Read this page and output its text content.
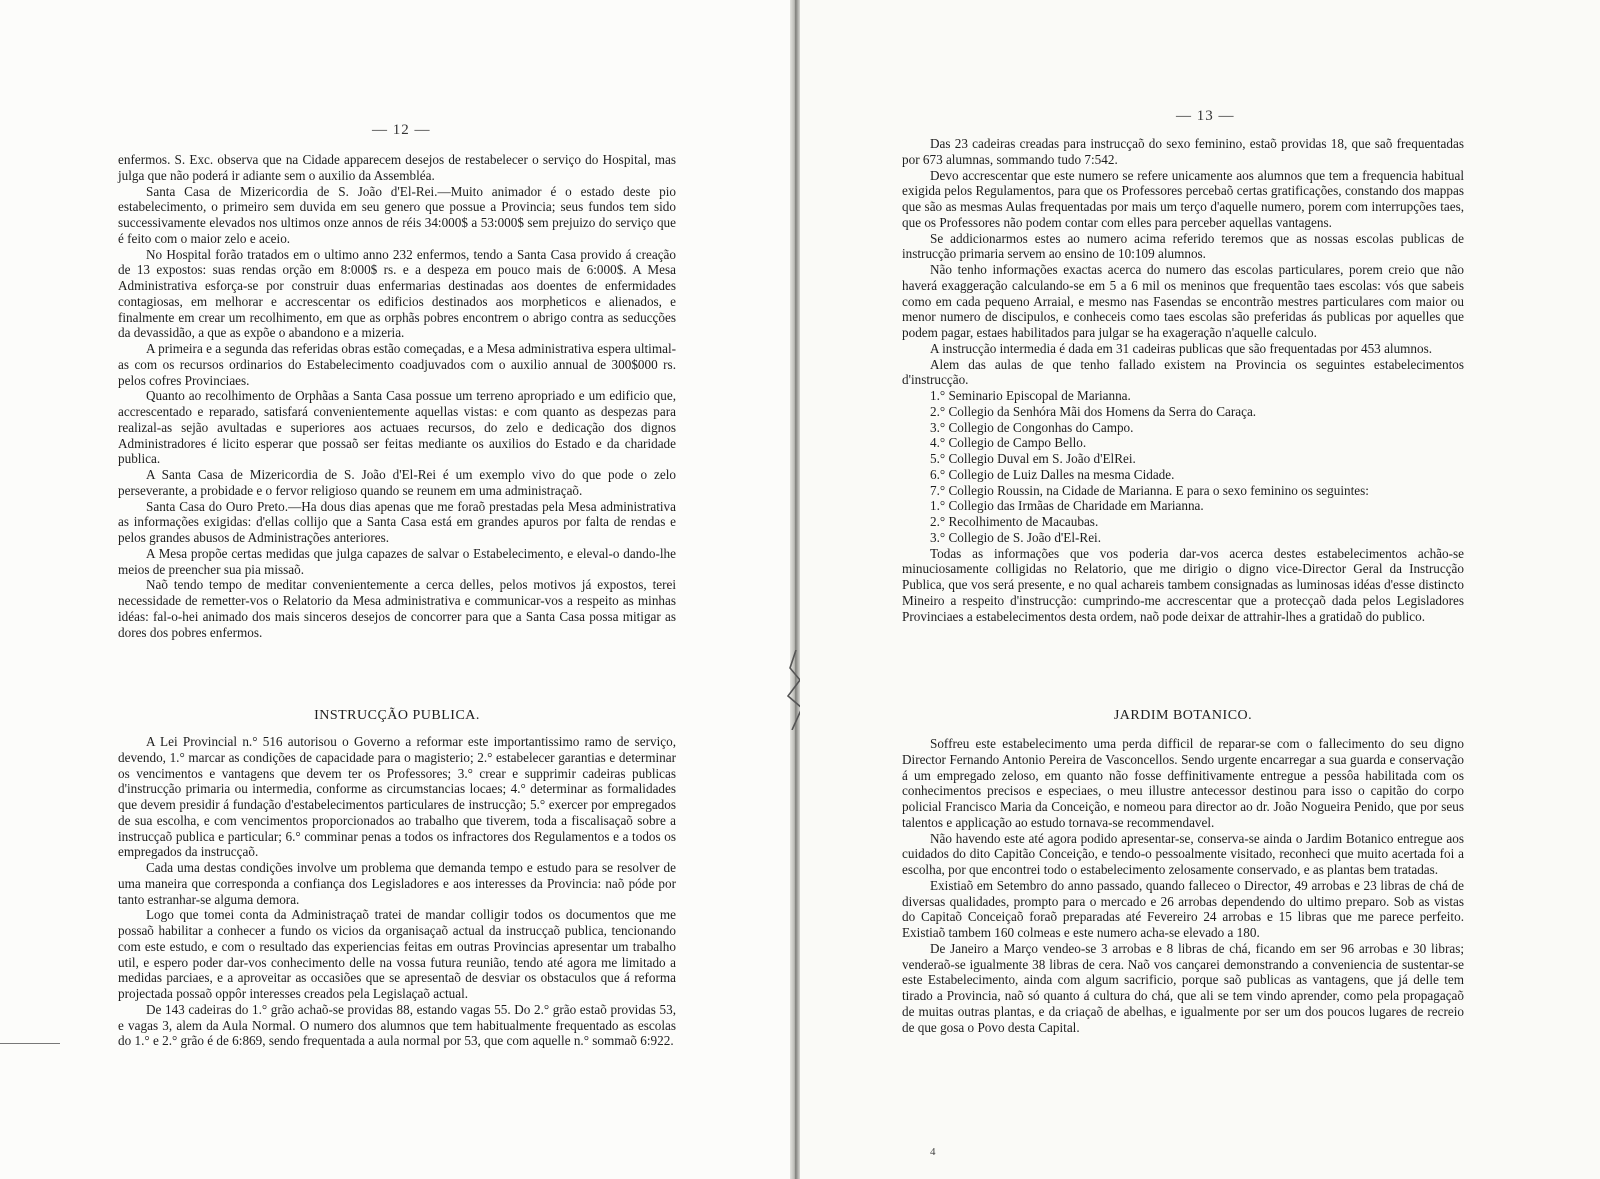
— 12 —

enfermos. S. Exc. observa que na Cidade apparecem desejos de restabelecer o serviço do Hospital, mas julga que não poderá ir adiante sem o auxilio da Assembléa.

Santa Casa de Mizericordia de S. João d'El-Rei.—Muito animador é o estado deste pio estabelecimento, o primeiro sem duvida em seu genero que possue a Provincia; seus fundos tem sido successivamente elevados nos ultimos onze annos de réis 34:000$ a 53:000$ sem prejuizo do serviço que é feito com o maior zelo e aceio.

No Hospital forão tratados em o ultimo anno 232 enfermos, tendo a Santa Casa provido á creação de 13 expostos: suas rendas orção em 8:000$ rs. e a despeza em pouco mais de 6:000$. A Mesa Administrativa esforça-se por construir duas enfermarias destinadas aos doentes de enfermidades contagiosas, em melhorar e accrescentar os edificios destinados aos morpheticos e alienados, e finalmente em crear um recolhimento, em que as orphãs pobres encontrem o abrigo contra as seducções da devassidão, a que as expõe o abandono e a mizeria.

A primeira e a segunda das referidas obras estão começadas, e a Mesa administrativa espera ultimal-as com os recursos ordinarios do Estabelecimento coadjuvados com o auxilio annual de 300$000 rs. pelos cofres Provinciaes.

Quanto ao recolhimento de Orphãas a Santa Casa possue um terreno apropriado e um edificio que, accrescentado e reparado, satisfará convenientemente aquellas vistas: e com quanto as despezas para realizal-as sejão avultadas e superiores aos actuaes recursos, do zelo e dedicação dos dignos Administradores é licito esperar que possaõ ser feitas mediante os auxilios do Estado e da charidade publica.

A Santa Casa de Mizericordia de S. João d'El-Rei é um exemplo vivo do que pode o zelo perseverante, a probidade e o fervor religioso quando se reunem em uma administraçaõ.

Santa Casa do Ouro Preto.—Ha dous dias apenas que me foraõ prestadas pela Mesa administrativa as informações exigidas: d'ellas collijo que a Santa Casa está em grandes apuros por falta de rendas e pelos grandes abusos de Administrações anteriores.

A Mesa propõe certas medidas que julga capazes de salvar o Estabelecimento, e eleval-o dando-lhe meios de preencher sua pia missaõ.

Naõ tendo tempo de meditar convenientemente a cerca delles, pelos motivos já expostos, terei necessidade de remetter-vos o Relatorio da Mesa administrativa e communicar-vos a respeito as minhas idéas: fal-o-hei animado dos mais sinceros desejos de concorrer para que a Santa Casa possa mitigar as dores dos pobres enfermos.

INSTRUCÇÃO PUBLICA.

A Lei Provincial n.° 516 autorisou o Governo a reformar este importantissimo ramo de serviço, devendo, 1.° marcar as condições de capacidade para o magisterio; 2.° estabelecer garantias e determinar os vencimentos e vantagens que devem ter os Professores; 3.° crear e supprimir cadeiras publicas d'instrucção primaria ou intermedia, conforme as circumstancias locaes; 4.° determinar as formalidades que devem presidir á fundação d'estabelecimentos particulares de instrucção; 5.° exercer por empregados de sua escolha, e com vencimentos proporcionados ao trabalho que tiverem, toda a fiscalisaçaõ sobre a instrucçaõ publica e particular; 6.° comminar penas a todos os infractores dos Regulamentos e a todos os empregados da instrucçaõ.

Cada uma destas condições involve um problema que demanda tempo e estudo para se resolver de uma maneira que corresponda a confiança dos Legisladores e aos interesses da Provincia: naõ póde por tanto estranhar-se alguma demora.

Logo que tomei conta da Administraçaõ tratei de mandar colligir todos os documentos que me possaõ habilitar a conhecer a fundo os vicios da organisaçaõ actual da instrucçaõ publica, tencionando com este estudo, e com o resultado das experiencias feitas em outras Provincias apresentar um trabalho util, e espero poder dar-vos conhecimento delle na vossa futura reunião, tendo até agora me limitado a medidas parciaes, e a aproveitar as occasiões que se apresentaõ de desviar os obstaculos que á reforma projectada possaõ oppôr interesses creados pela Legislaçaõ actual.

De 143 cadeiras do 1.° grão achaõ-se providas 88, estando vagas 55. Do 2.° grão estaõ providas 53, e vagas 3, alem da Aula Normal. O numero dos alumnos que tem habitualmente frequentado as escolas do 1.° e 2.° grão é de 6:869, sendo frequentada a aula normal por 53, que com aquelle n.° sommaõ 6:922.

— 13 —

Das 23 cadeiras creadas para instrucçaõ do sexo feminino, estaõ providas 18, que saõ frequentadas por 673 alumnas, sommando tudo 7:542.

Devo accrescentar que este numero se refere unicamente aos alumnos que tem a frequencia habitual exigida pelos Regulamentos, para que os Professores percebaõ certas gratificações, constando dos mappas que são as mesmas Aulas frequentadas por mais um terço d'aquelle numero, porem com interrupções taes, que os Professores não podem contar com elles para perceber aquellas vantagens.

Se addicionarmos estes ao numero acima referido teremos que as nossas escolas publicas de instrucção primaria servem ao ensino de 10:109 alumnos.

Não tenho informações exactas acerca do numero das escolas particulares, porem creio que não haverá exaggeração calculando-se em 5 a 6 mil os meninos que frequentão taes escolas: vós que sabeis como em cada pequeno Arraial, e mesmo nas Fasendas se encontrão mestres particulares com maior ou menor numero de discipulos, e conheceis como taes escolas são preferidas ás publicas por aquelles que podem pagar, estaes habilitados para julgar se ha exageração n'aquelle calculo.

A instrucção intermedia é dada em 31 cadeiras publicas que são frequentadas por 453 alumnos.

Alem das aulas de que tenho fallado existem na Provincia os seguintes estabelecimentos d'instrucção.

1.° Seminario Episcopal de Marianna.
2.° Collegio da Senhóra Mãi dos Homens da Serra do Caraça.
3.° Collegio de Congonhas do Campo.
4.° Collegio de Campo Bello.
5.° Collegio Duval em S. João d'ElRei.
6.° Collegio de Luiz Dalles na mesma Cidade.
7.° Collegio Roussin, na Cidade de Marianna. E para o sexo feminino os seguintes:
1.° Collegio das Irmãas de Charidade em Marianna.
2.° Recolhimento de Macaubas.
3.° Collegio de S. João d'El-Rei.

Todas as informações que vos poderia dar-vos acerca destes estabelecimentos achão-se minuciosamente colligidas no Relatorio, que me dirigio o digno vice-Director Geral da Instrucção Publica, que vos será presente, e no qual achareis tambem consignadas as luminosas idéas d'esse distincto Mineiro a respeito d'instrucção: cumprindo-me accrescentar que a protecçaõ dada pelos Legisladores Provinciaes a estabelecimentos desta ordem, naõ pode deixar de attrahir-lhes a gratidaõ do publico.

JARDIM BOTANICO.

Soffreu este estabelecimento uma perda difficil de reparar-se com o fallecimento do seu digno Director Fernando Antonio Pereira de Vasconcellos. Sendo urgente encarregar a sua guarda e conservação á um empregado zeloso, em quanto não fosse deffinitivamente entregue a pessôa habilitada com os conhecimentos precisos e especiaes, o meu illustre antecessor destinou para isso o capitão do corpo policial Francisco Maria da Conceição, e nomeou para director ao dr. João Nogueira Penido, que por seus talentos e applicação ao estudo tornava-se recommendavel.

Não havendo este até agora podido apresentar-se, conserva-se ainda o Jardim Botanico entregue aos cuidados do dito Capitão Conceição, e tendo-o pessoalmente visitado, reconheci que muito acertada foi a escolha, por que encontrei todo o estabelecimento zelosamente conservado, e as plantas bem tratadas.

Existiaõ em Setembro do anno passado, quando falleceo o Director, 49 arrobas e 23 libras de chá de diversas qualidades, prompto para o mercado e 26 arrobas dependendo do ultimo preparo. Sob as vistas do Capitaõ Conceiçaõ foraõ preparadas até Fevereiro 24 arrobas e 15 libras que me parece perfeito. Existiaõ tambem 160 colmeas e este numero acha-se elevado a 180.

De Janeiro a Março vendeo-se 3 arrobas e 8 libras de chá, ficando em ser 96 arrobas e 30 libras; venderaõ-se igualmente 38 libras de cera. Naõ vos cançarei demonstrando a conveniencia de sustentar-se este Estabelecimento, ainda com algum sacrificio, porque saõ publicas as vantagens, que já delle tem tirado a Provincia, naõ só quanto á cultura do chá, que ali se tem vindo aprender, como pela propagaçaõ de muitas outras plantas, e da criaçaõ de abelhas, e igualmente por ser um dos poucos lugares de recreio de que gosa o Povo desta Capital.

4
